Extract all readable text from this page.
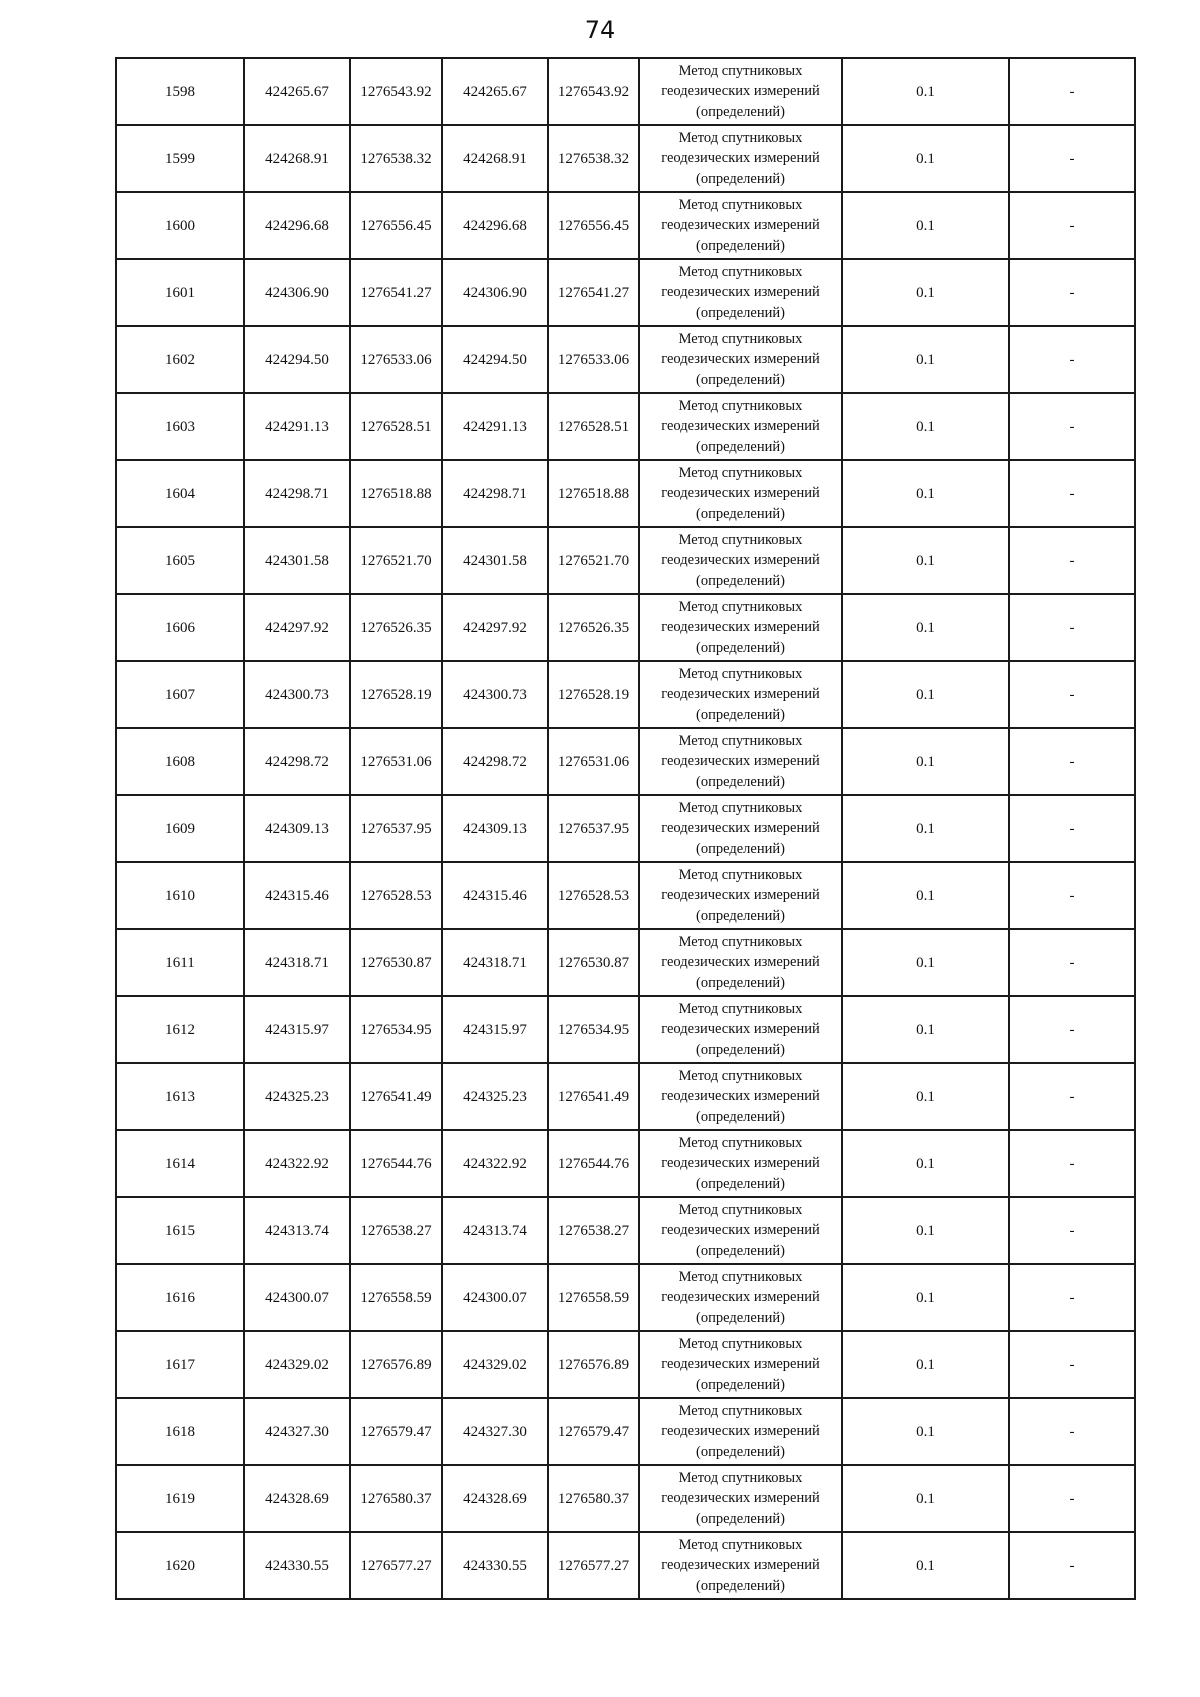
74
1598	424265.67	1276543.92	424265.67	1276543.92	Метод спутниковых
геодезических измерений
(определений)	0.1	-
1599	424268.91	1276538.32	424268.91	1276538.32	Метод спутниковых
геодезических измерений
(определений)	0.1	-
1600	424296.68	1276556.45	424296.68	1276556.45	Метод спутниковых
геодезических измерений
(определений)	0.1	-
1601	424306.90	1276541.27	424306.90	1276541.27	Метод спутниковых
геодезических измерений
(определений)	0.1	-
1602	424294.50	1276533.06	424294.50	1276533.06	Метод спутниковых
геодезических измерений
(определений)	0.1	-
1603	424291.13	1276528.51	424291.13	1276528.51	Метод спутниковых
геодезических измерений
(определений)	0.1	-
1604	424298.71	1276518.88	424298.71	1276518.88	Метод спутниковых
геодезических измерений
(определений)	0.1	-
1605	424301.58	1276521.70	424301.58	1276521.70	Метод спутниковых
геодезических измерений
(определений)	0.1	-
1606	424297.92	1276526.35	424297.92	1276526.35	Метод спутниковых
геодезических измерений
(определений)	0.1	-
1607	424300.73	1276528.19	424300.73	1276528.19	Метод спутниковых
геодезических измерений
(определений)	0.1	-
1608	424298.72	1276531.06	424298.72	1276531.06	Метод спутниковых
геодезических измерений
(определений)	0.1	-
1609	424309.13	1276537.95	424309.13	1276537.95	Метод спутниковых
геодезических измерений
(определений)	0.1	-
1610	424315.46	1276528.53	424315.46	1276528.53	Метод спутниковых
геодезических измерений
(определений)	0.1	-
1611	424318.71	1276530.87	424318.71	1276530.87	Метод спутниковых
геодезических измерений
(определений)	0.1	-
1612	424315.97	1276534.95	424315.97	1276534.95	Метод спутниковых
геодезических измерений
(определений)	0.1	-
1613	424325.23	1276541.49	424325.23	1276541.49	Метод спутниковых
геодезических измерений
(определений)	0.1	-
1614	424322.92	1276544.76	424322.92	1276544.76	Метод спутниковых
геодезических измерений
(определений)	0.1	-
1615	424313.74	1276538.27	424313.74	1276538.27	Метод спутниковых
геодезических измерений
(определений)	0.1	-
1616	424300.07	1276558.59	424300.07	1276558.59	Метод спутниковых
геодезических измерений
(определений)	0.1	-
1617	424329.02	1276576.89	424329.02	1276576.89	Метод спутниковых
геодезических измерений
(определений)	0.1	-
1618	424327.30	1276579.47	424327.30	1276579.47	Метод спутниковых
геодезических измерений
(определений)	0.1	-
1619	424328.69	1276580.37	424328.69	1276580.37	Метод спутниковых
геодезических измерений
(определений)	0.1	-
1620	424330.55	1276577.27	424330.55	1276577.27	Метод спутниковых
геодезических измерений
(определений)	0.1	-
